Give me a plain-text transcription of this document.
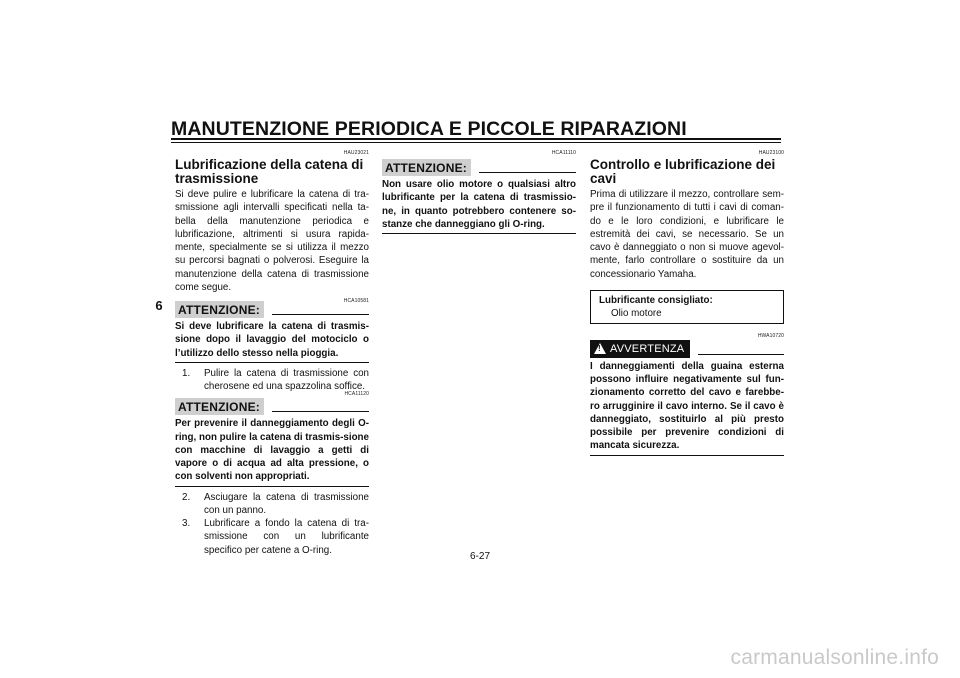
MANUTENZIONE PERIODICA E PICCOLE RIPARAZIONI
6
HAU23021
Lubrificazione della catena di trasmissione

Si deve pulire e lubrificare la catena di tra-smissione agli intervalli specificati nella ta-bella della manutenzione periodica e lubrificazione, altrimenti si usura rapida-mente, specialmente se si utilizza il mezzo su percorsi bagnati o polverosi. Eseguire la manutenzione della catena di trasmissione come segue.

ATTENZIONE:
HCA10581

Si deve lubrificare la catena di trasmis-sione dopo il lavaggio del motociclo o l’utilizzo dello stesso nella pioggia.

1.	Pulire la catena di trasmissione con cherosene ed una spazzolina soffice.
ATTENZIONE:
HCA11120

Per prevenire il danneggiamento degli O-ring, non pulire la catena di trasmis-sione con macchine di lavaggio a getti di vapore o di acqua ad alta pressione, o con solventi non appropriati.

2.	Asciugare la catena di trasmissione con un panno.
3.	Lubrificare a fondo la catena di tra-smissione con un lubrificante specifico per catene a O-ring.
HCA11110
ATTENZIONE:

Non usare olio motore o qualsiasi altro lubrificante per la catena di trasmissio-ne, in quanto potrebbero contenere so-stanze che danneggiano gli O-ring.

HAU23100
Controllo e lubrificazione dei cavi

Prima di utilizzare il mezzo, controllare sem-pre il funzionamento di tutti i cavi di coman-do e le loro condizioni, e lubrificare le estremità dei cavi, se necessario. Se un cavo è danneggiato o non si muove agevol-mente, farlo controllare o sostituire da un concessionario Yamaha.

Lubrificante consigliato:
Olio motore
HWA10720
! AVVERTENZA

I danneggiamenti della guaina esterna possono influire negativamente sul fun-zionamento corretto del cavo e farebbe-ro arrugginire il cavo interno. Se il cavo è danneggiato, sostituirlo al più presto possibile per prevenire condizioni di mancata sicurezza.

6-27
carmanualsonline.info
